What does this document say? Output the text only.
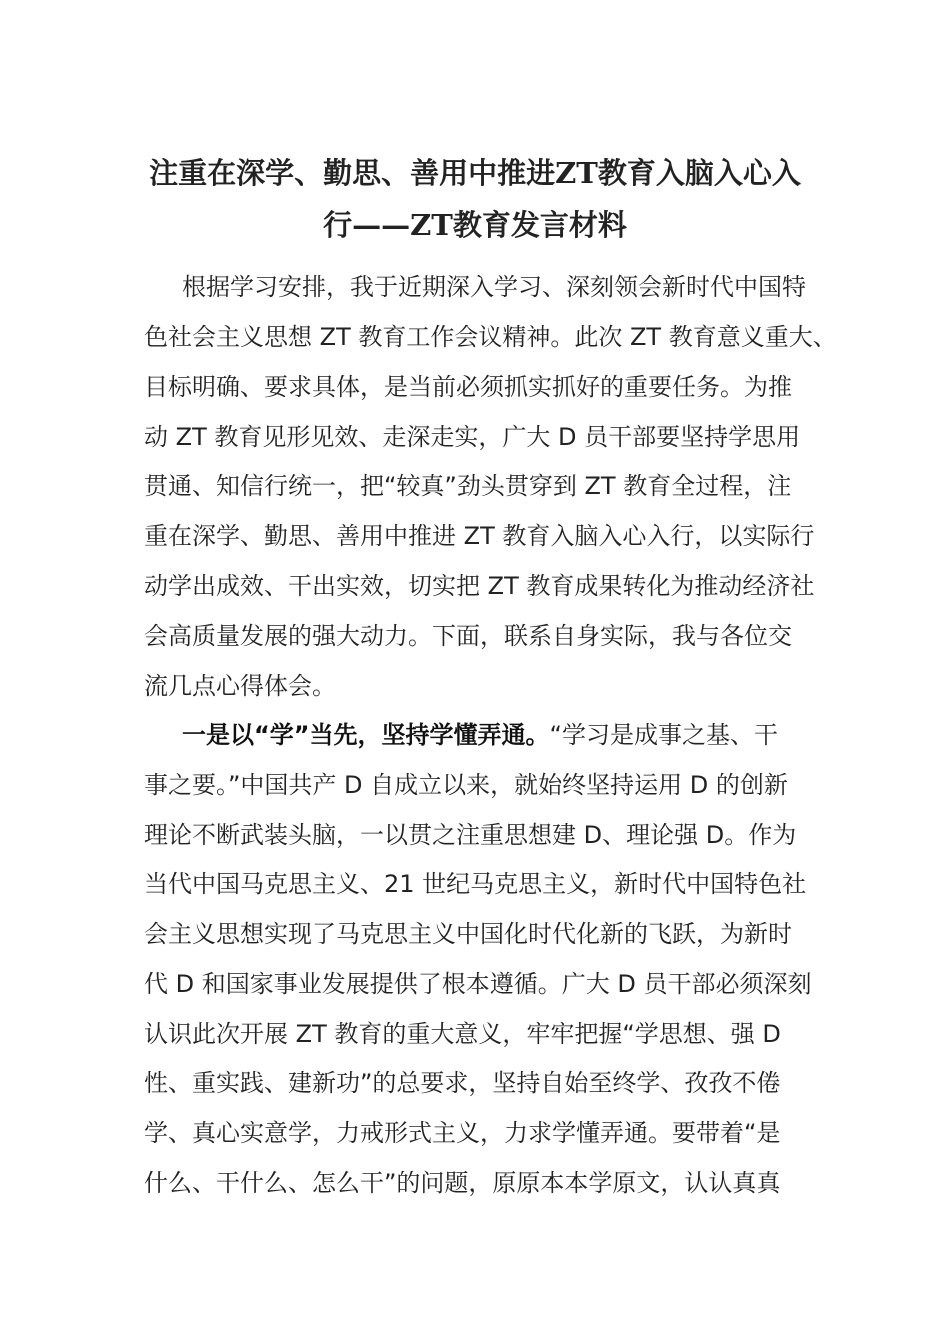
注重在深学、勤思、善用中推进ZT教育入脑入心入
行——ZT教育发言材料
根据学习安排，我于近期深入学习、深刻领会新时代中国特
色社会主义思想 ZT 教育工作会议精神。此次 ZT 教育意义重大、
目标明确、要求具体，是当前必须抓实抓好的重要任务。为推
动 ZT 教育见形见效、走深走实，广大 D 员干部要坚持学思用
贯通、知信行统一，把“较真”劲头贯穿到 ZT 教育全过程，注
重在深学、勤思、善用中推进 ZT 教育入脑入心入行，以实际行
动学出成效、干出实效，切实把 ZT 教育成果转化为推动经济社
会高质量发展的强大动力。下面，联系自身实际，我与各位交
流几点心得体会。
一是以“学”当先，坚持学懂弄通。“学习是成事之基、干
事之要。”中国共产 D 自成立以来，就始终坚持运用 D 的创新
理论不断武装头脑，一以贯之注重思想建 D、理论强 D。作为
当代中国马克思主义、21 世纪马克思主义，新时代中国特色社
会主义思想实现了马克思主义中国化时代化新的飞跃，为新时
代 D 和国家事业发展提供了根本遵循。广大 D 员干部必须深刻
认识此次开展 ZT 教育的重大意义，牢牢把握“学思想、强 D
性、重实践、建新功”的总要求，坚持自始至终学、孜孜不倦
学、真心实意学，力戒形式主义，力求学懂弄通。要带着“是
什么、干什么、怎么干”的问题，原原本本学原文，认认真真
